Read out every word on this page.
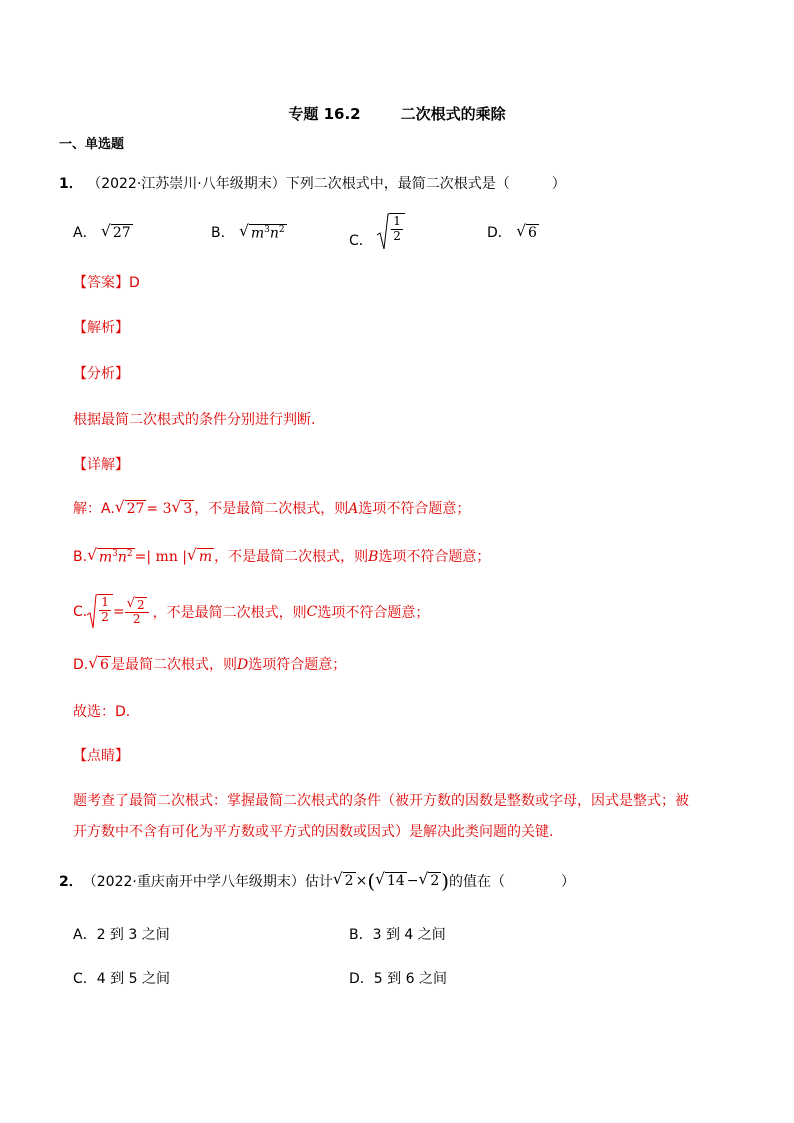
专题 16.2	二次根式的乘除
一、单选题
1． （2022·江苏崇川·八年级期末）下列二次根式中，最简二次根式是（　　　）
A． √ 27	B． √ $m^3n^2$
C． $\frac{1}{2}$	D． √ 6
【答案】D
【解析】
【分析】
根据最简二次根式的条件分别进行判断.
【详解】
解：A. √ 27 = 3 √ 3 ，不是最简二次根式，则A选项不符合题意；
B. √ $m^3n^2$ =| mn | √ m ，不是最简二次根式，则B选项不符合题意；
C. $\frac{1}{2} = \frac{√ 2}{2}$ ，不是最简二次根式，则 C 选项不符合题意；
D. √ 6 是最简二次根式，则D选项符合题意；
故选：D.
【点睛】
题考查了最简二次根式：掌握最简二次根式的条件（被开方数的因数是整数或字母，因式是整式；被
开方数中不含有可化为平方数或平方式的因数或因式）是解决此类问题的关键.
2． （2022·重庆南开中学八年级期末）估计 √ 2 × ( √ 14 − √ 2 ) 的值在（　　　　）
A．2 到 3 之间	B．3 到 4 之间
C．4 到 5 之间	D．5 到 6 之间
